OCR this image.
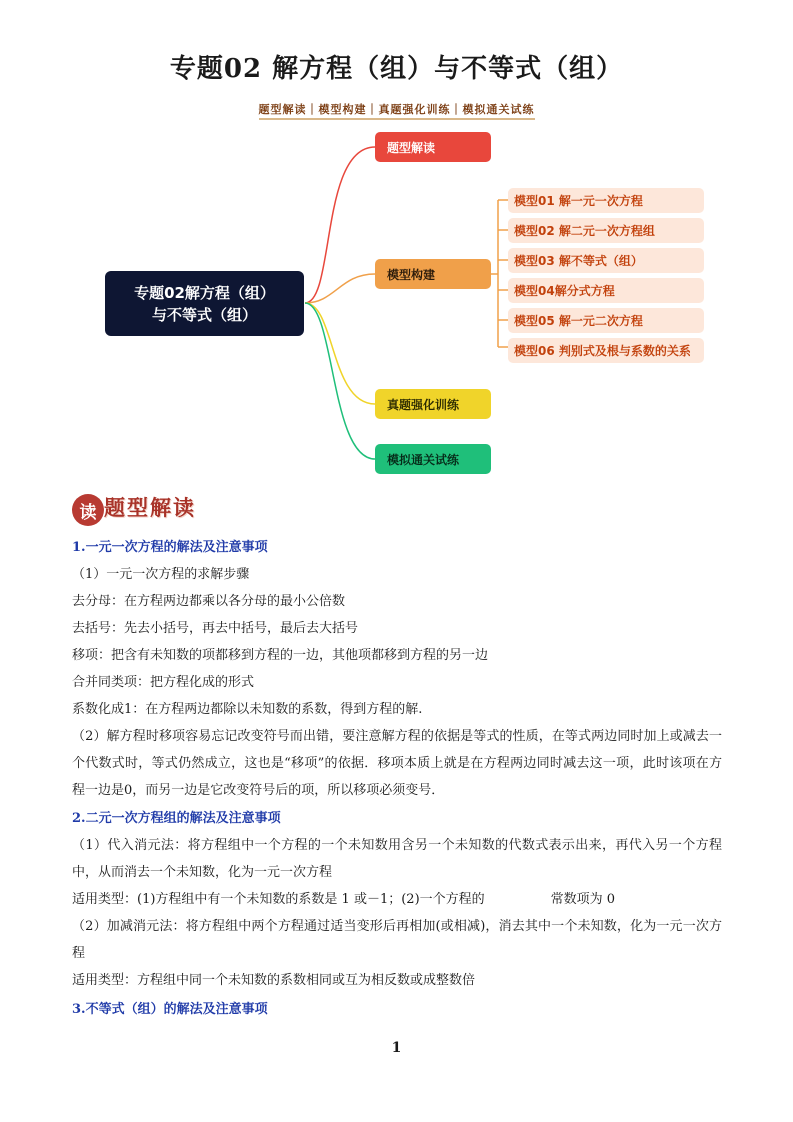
专题02 解方程（组）与不等式（组）
题型解读｜模型构建｜真题强化训练｜模拟通关试练
专题02解方程（组）
与不等式（组）
题型解读
模型构建
真题强化训练
模拟通关试练
模型01 解一元一次方程
模型02 解二元一次方程组
模型03 解不等式（组）
模型04解分式方程
模型05 解一元二次方程
模型06 判别式及根与系数的关系
读 题型解读
1.一元一次方程的解法及注意事项
（1）一元一次方程的求解步骤
去分母：在方程两边都乘以各分母的最小公倍数
去括号：先去小括号，再去中括号，最后去大括号
移项：把含有未知数的项都移到方程的一边，其他项都移到方程的另一边
合并同类项：把方程化成的形式
系数化成1：在方程两边都除以未知数的系数，得到方程的解.
（2）解方程时移项容易忘记改变符号而出错，要注意解方程的依据是等式的性质，在等式两边同时加上或减去一个代数式时，等式仍然成立，这也是“移项”的依据．移项本质上就是在方程两边同时减去这一项，此时该项在方程一边是0，而另一边是它改变符号后的项，所以移项必须变号．
2.二元一次方程组的解法及注意事项
（1）代入消元法：将方程组中一个方程的一个未知数用含另一个未知数的代数式表示出来，再代入另一个方程中，从而消去一个未知数，化为一元一次方程
适用类型：(1)方程组中有一个未知数的系数是 1 或－1；(2)一个方程的	常数项为 0
（2）加减消元法：将方程组中两个方程通过适当变形后再相加(或相减)，消去其中一个未知数，化为一元一次方程
适用类型：方程组中同一个未知数的系数相同或互为相反数或成整数倍
3.不等式（组）的解法及注意事项
1
